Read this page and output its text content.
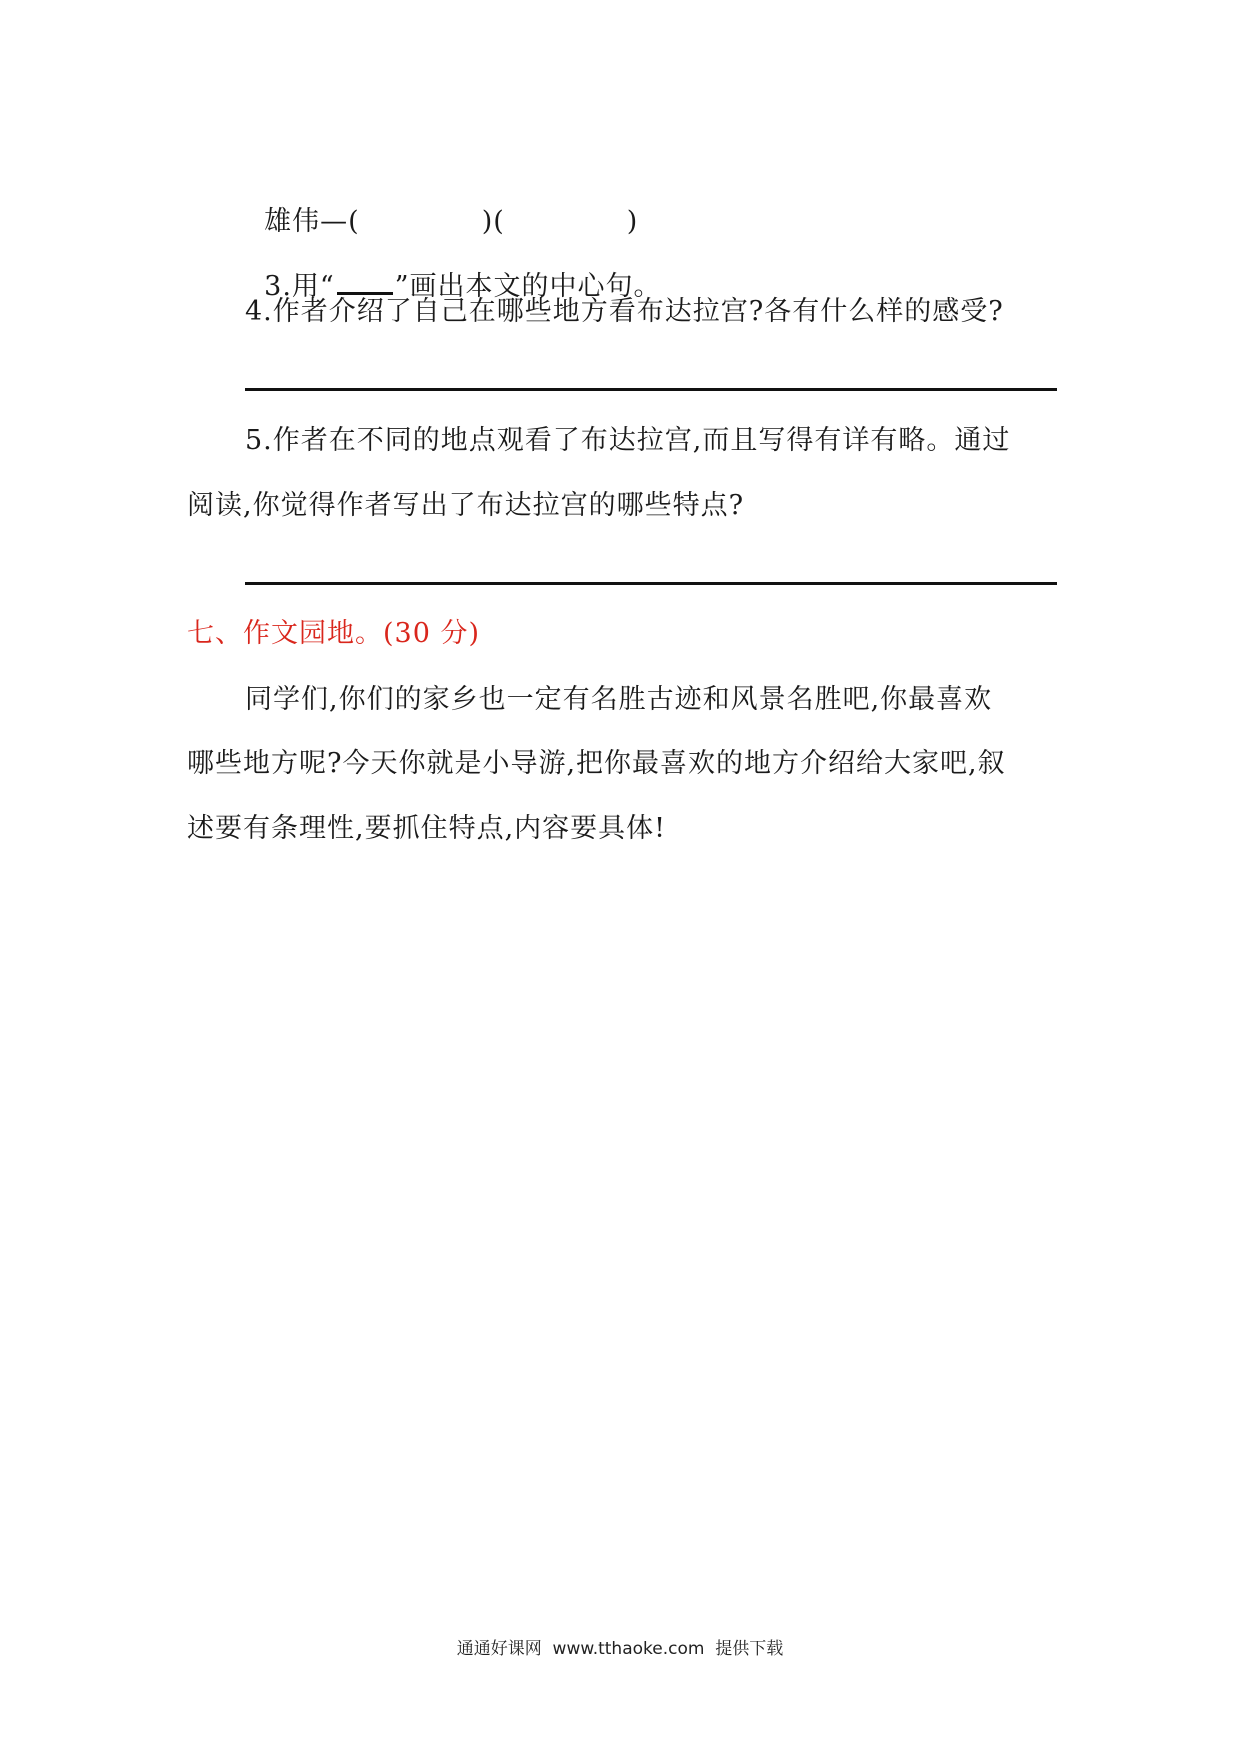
雄伟—(	)(	)

3.用“ ”画出本文的中心句。

4.作者介绍了自己在哪些地方看布达拉宫?各有什么样的感受?
5.作者在不同的地点观看了布达拉宫,而且写得有详有略。通过
阅读,你觉得作者写出了布达拉宫的哪些特点?
七、作文园地。(30 分)
同学们,你们的家乡也一定有名胜古迹和风景名胜吧,你最喜欢
哪些地方呢?今天你就是小导游,把你最喜欢的地方介绍给大家吧,叙
述要有条理性,要抓住特点,内容要具体!
通通好课网  www.tthaoke.com  提供下载
